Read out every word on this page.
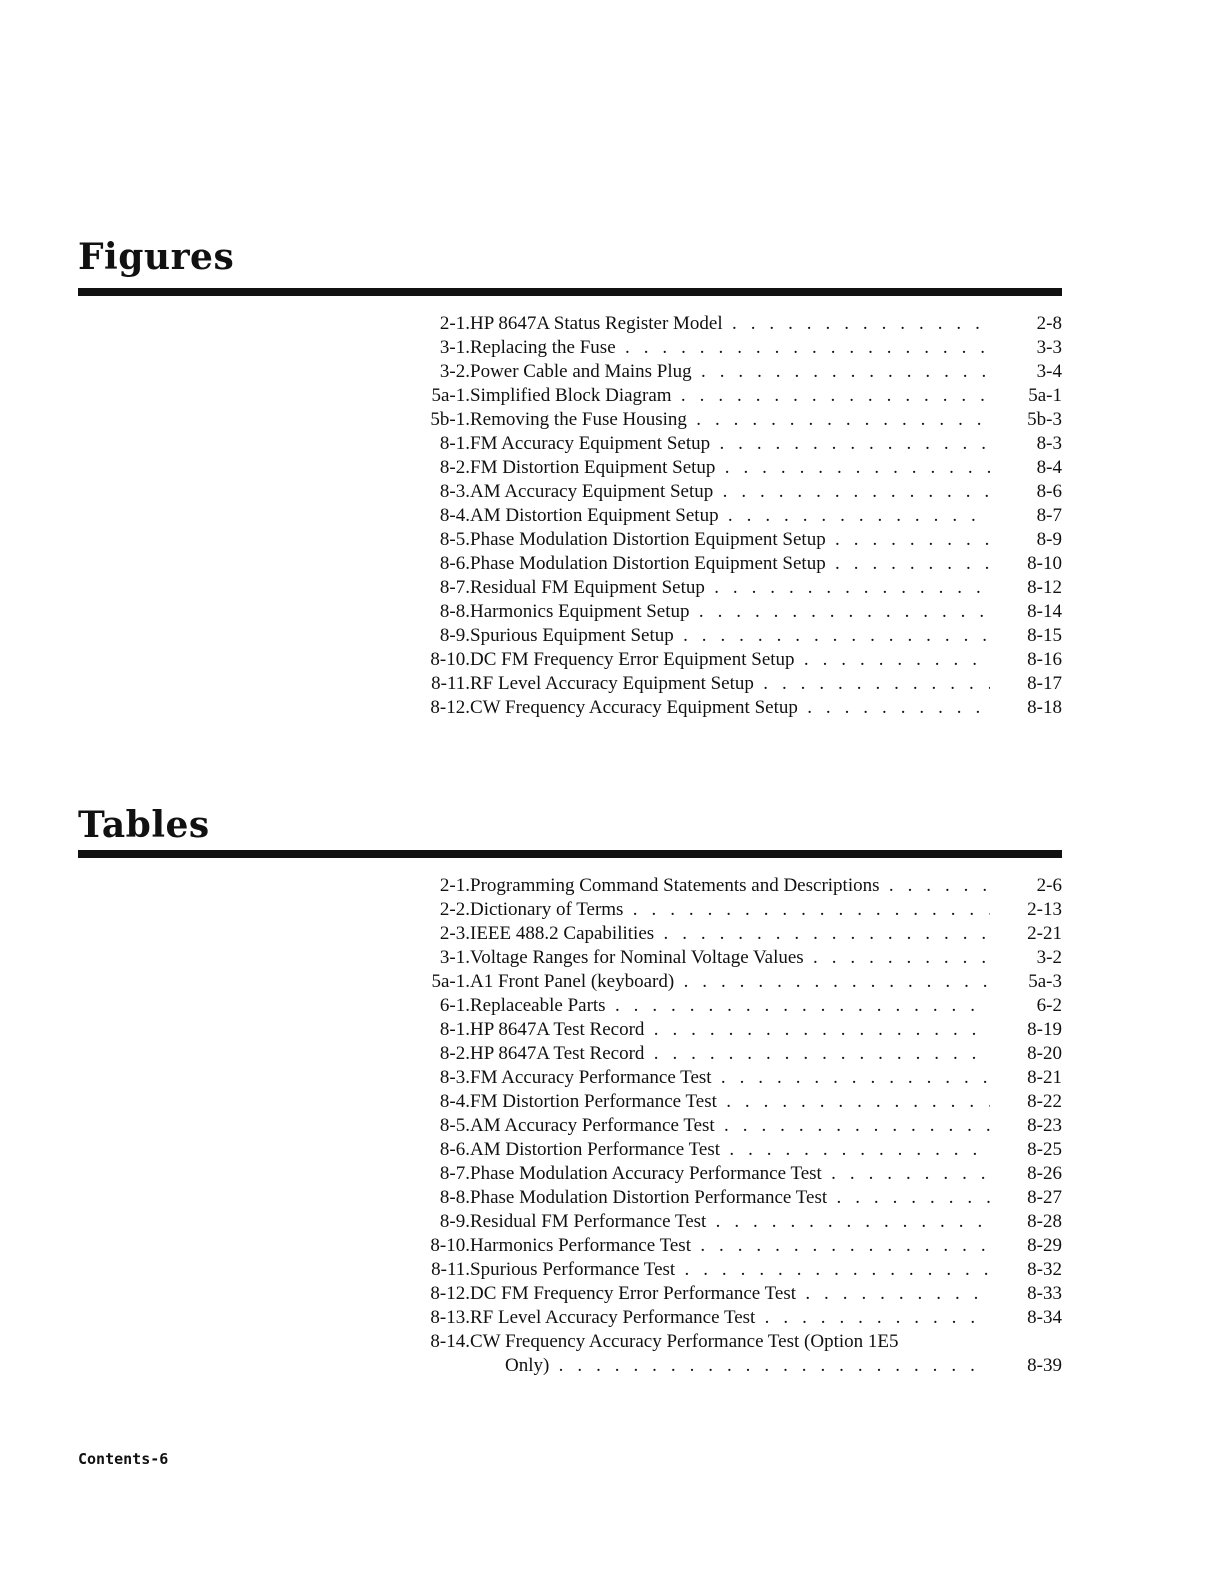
Figures
2-1. HP 8647A Status Register Model . . .	2-8
3-1. Replacing the Fuse . . .	3-3
3-2. Power Cable and Mains Plug . . .	3-4
5a-1. Simplified Block Diagram . . .	5a-1
5b-1. Removing the Fuse Housing . . .	5b-3
8-1. FM Accuracy Equipment Setup . . .	8-3
8-2. FM Distortion Equipment Setup . . .	8-4
8-3. AM Accuracy Equipment Setup . . .	8-6
8-4. AM Distortion Equipment Setup . . .	8-7
8-5. Phase Modulation Distortion Equipment Setup . . .	8-9
8-6. Phase Modulation Distortion Equipment Setup . . .	8-10
8-7. Residual FM Equipment Setup . . .	8-12
8-8. Harmonics Equipment Setup . . .	8-14
8-9. Spurious Equipment Setup . . .	8-15
8-10. DC FM Frequency Error Equipment Setup . . .	8-16
8-11. RF Level Accuracy Equipment Setup . . .	8-17
8-12. CW Frequency Accuracy Equipment Setup . . .	8-18
Tables
2-1. Programming Command Statements and Descriptions . . .	2-6
2-2. Dictionary of Terms . . .	2-13
2-3. IEEE 488.2 Capabilities . . .	2-21
3-1. Voltage Ranges for Nominal Voltage Values . . .	3-2
5a-1. A1 Front Panel (keyboard) . . .	5a-3
6-1. Replaceable Parts . . .	6-2
8-1. HP 8647A Test Record . . .	8-19
8-2. HP 8647A Test Record . . .	8-20
8-3. FM Accuracy Performance Test . . .	8-21
8-4. FM Distortion Performance Test . . .	8-22
8-5. AM Accuracy Performance Test . . .	8-23
8-6. AM Distortion Performance Test . . .	8-25
8-7. Phase Modulation Accuracy Performance Test . . .	8-26
8-8. Phase Modulation Distortion Performance Test . . .	8-27
8-9. Residual FM Performance Test . . .	8-28
8-10. Harmonics Performance Test . . .	8-29
8-11. Spurious Performance Test . . .	8-32
8-12. DC FM Frequency Error Performance Test . . .	8-33
8-13. RF Level Accuracy Performance Test . . .	8-34
8-14. CW Frequency Accuracy Performance Test (Option 1E5
Only) . . .	8-39
Contents-6
